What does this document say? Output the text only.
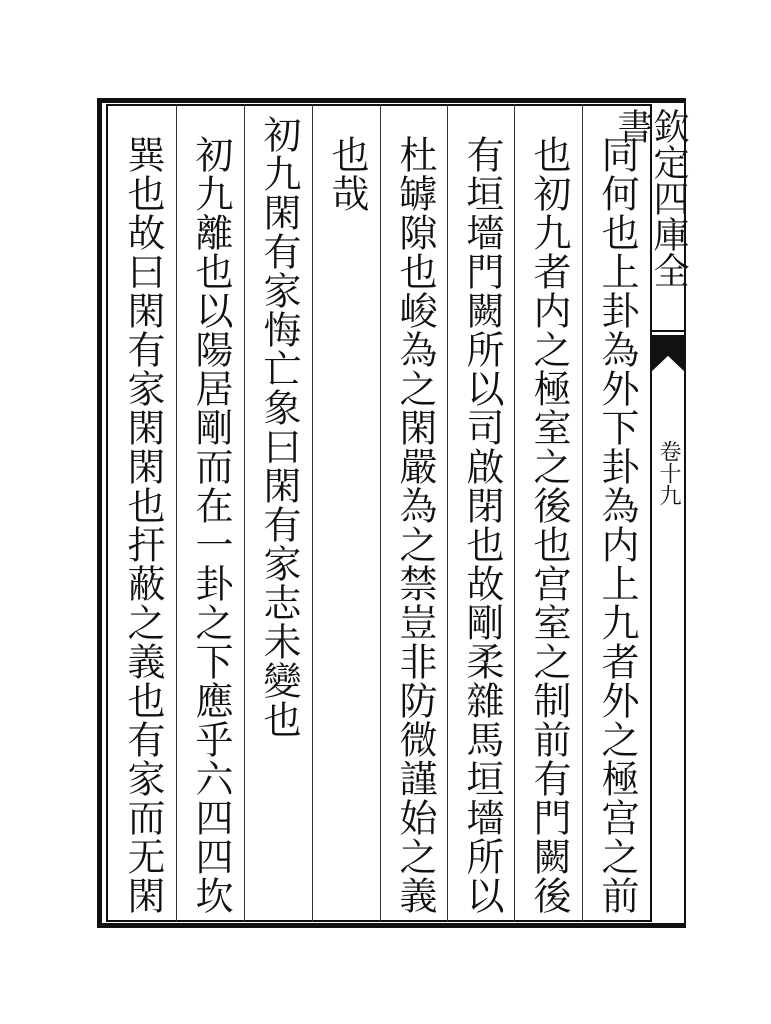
欽定四庫全書
卷十九
同何也上卦為外下卦為内上九者外之極宫之前
也初九者内之極室之後也宫室之制前有門闕後
有垣墻門闕所以司啟閉也故剛柔雜馬垣墻所以
杜罅隙也峻為之閑嚴為之禁豈非防微謹始之義
也哉
初九閑有家悔亡象曰閑有家志未變也
初九離也以陽居剛而在一卦之下應乎六四四坎
巽也故曰閑有家閑閑也扞蔽之義也有家而无閑
